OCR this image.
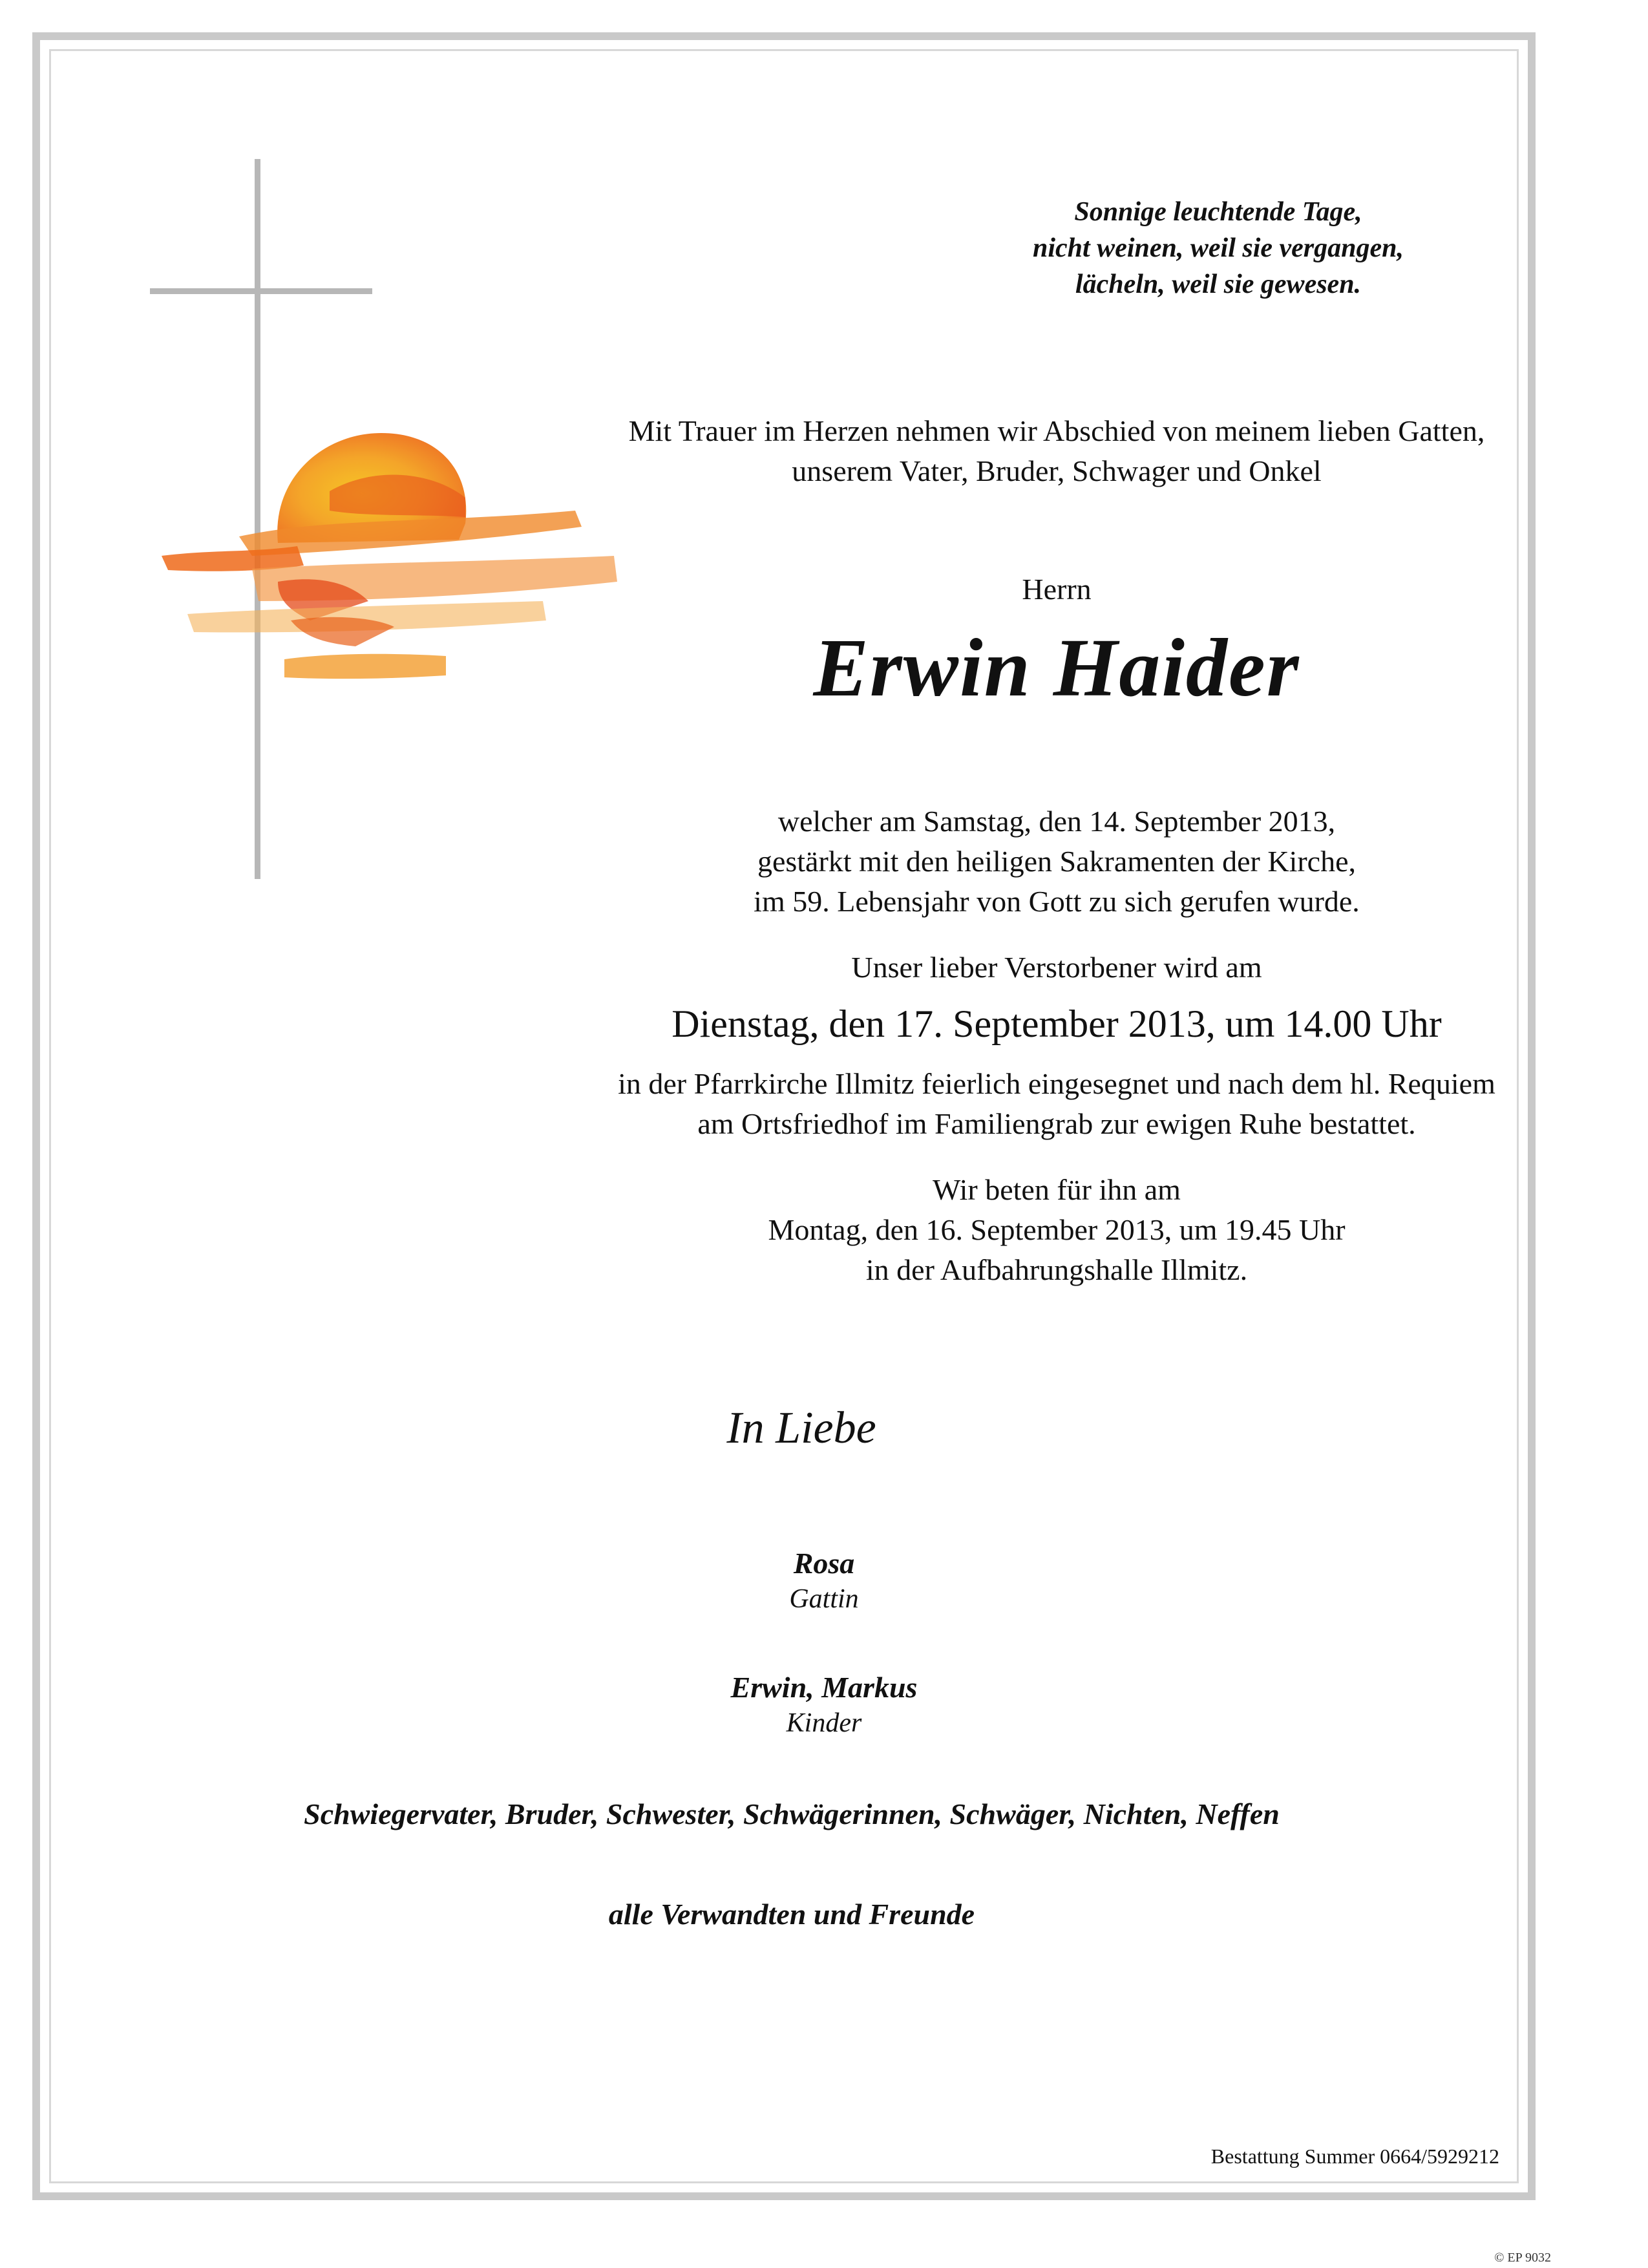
Sonnige leuchtende Tage,
nicht weinen, weil sie vergangen,
lächeln, weil sie gewesen.
Mit Trauer im Herzen nehmen wir Abschied von meinem lieben Gatten,
unserem Vater, Bruder, Schwager und Onkel
Herrn
Erwin Haider
welcher am Samstag, den 14. September 2013,
gestärkt mit den heiligen Sakramenten der Kirche,
im 59. Lebensjahr von Gott zu sich gerufen wurde.
Unser lieber Verstorbener wird am
Dienstag, den 17. September 2013, um 14.00 Uhr
in der Pfarrkirche Illmitz feierlich eingesegnet und nach dem hl. Requiem
am Ortsfriedhof im Familiengrab zur ewigen Ruhe bestattet.
Wir beten für ihn am
Montag, den 16. September 2013, um 19.45 Uhr
in der Aufbahrungshalle Illmitz.
In Liebe
Rosa
Gattin
Erwin, Markus
Kinder
Schwiegervater, Bruder, Schwester, Schwägerinnen, Schwäger, Nichten, Neffen
alle Verwandten und Freunde
Bestattung Summer 0664/5929212
© EP 9032
